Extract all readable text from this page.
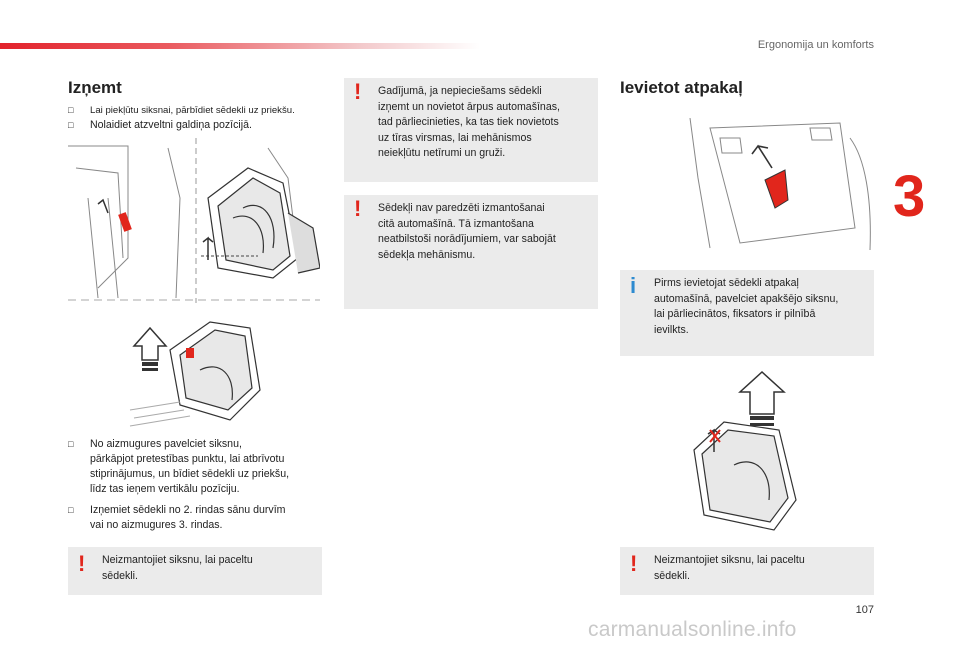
Ergonomija un komforts
3
107
Izņemt
□	Lai piekļūtu siksnai, pārbīdiet sēdekli uz priekšu.
□	Nolaidiet atzveltni galdiņa pozīcijā.
□	No aizmugures pavelciet siksnu,
pārkāpjot pretestības punktu, lai atbrīvotu
stiprinājumus, un bīdiet sēdekli uz priekšu,
līdz tas ieņem vertikālu pozīciju.
□	Izņemiet sēdekli no 2. rindas sānu durvīm
vai no aizmugures 3. rindas.
! Neizmantojiet siksnu, lai paceltu
sēdekli.
! Gadījumā, ja nepieciešams sēdekli
izņemt un novietot ārpus automašīnas,
tad pārliecinieties, ka tas tiek novietots
uz tīras virsmas, lai mehānismos
neiekļūtu netīrumi un gruži.
! Sēdekļi nav paredzēti izmantošanai
citā automašīnā. Tā izmantošana
neatbilstoši norādījumiem, var sabojāt
sēdekļa mehānismu.
Ievietot atpakaļ
i Pirms ievietojat sēdekli atpakaļ
automašīnā, pavelciet apakšējo siksnu,
lai pārliecinātos, fiksators ir pilnībā
ievilkts.
! Neizmantojiet siksnu, lai paceltu
sēdekli.
carmanualsonline.info
